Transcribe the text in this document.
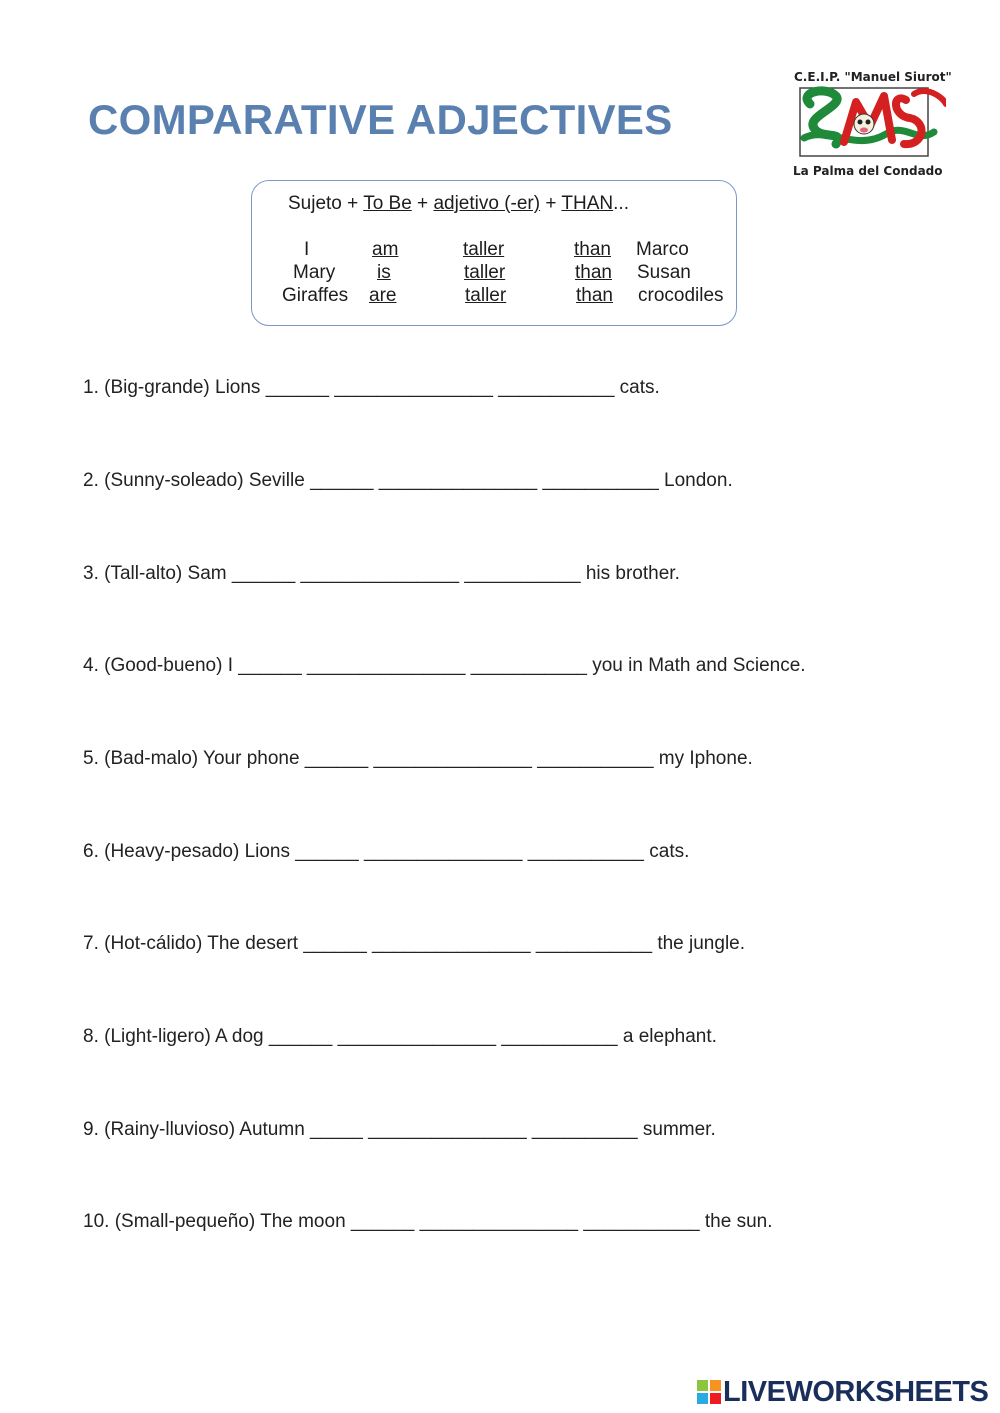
COMPARATIVE ADJECTIVES
C.E.I.P. "Manuel Siurot"
La Palma del Condado
Sujeto + To Be + adjetivo (-er) + THAN...
I	am	taller	than Marco
Mary is	taller	than Susan
Giraffes are	taller	than crocodiles
1. (Big-grande) Lions ______ _______________ ___________ cats.
2. (Sunny-soleado) Seville ______ _______________ ___________ London.
3. (Tall-alto) Sam ______ _______________ ___________ his brother.
4. (Good-bueno) I ______ _______________ ___________ you in Math and Science.
5. (Bad-malo) Your phone ______ _______________ ___________ my Iphone.
6. (Heavy-pesado) Lions ______ _______________ ___________ cats.
7. (Hot-cálido) The desert ______ _______________ ___________ the jungle.
8. (Light-ligero) A dog ______ _______________ ___________ a elephant.
9. (Rainy-lluvioso) Autumn _____ _______________ __________ summer.
10. (Small-pequeño) The moon ______ _______________ ___________ the sun.
LIVEWORKSHEETS
